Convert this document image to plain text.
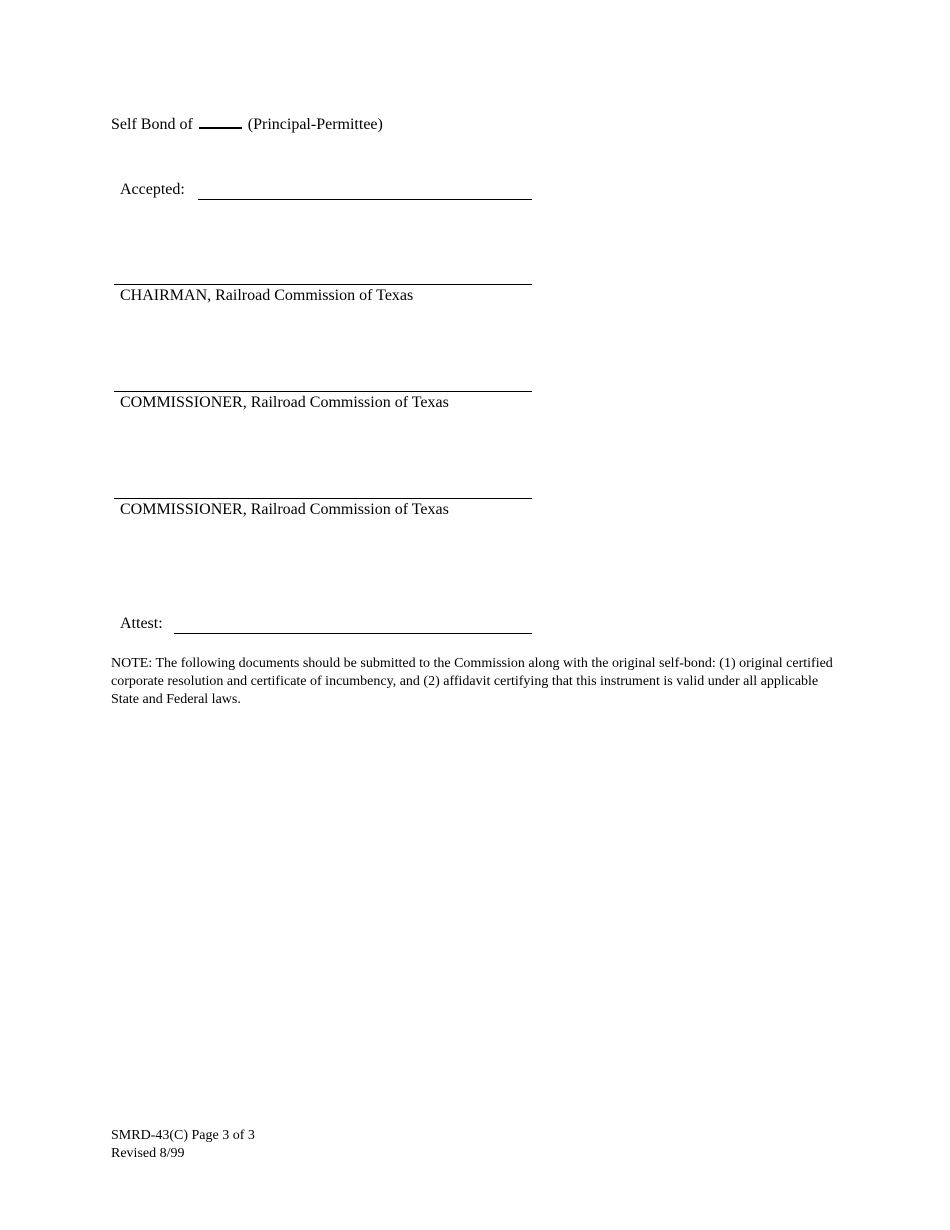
Self Bond of	(Principal-Permittee)
Accepted:
CHAIRMAN, Railroad Commission of Texas
COMMISSIONER, Railroad Commission of Texas
COMMISSIONER, Railroad Commission of Texas
Attest:
NOTE: The following documents should be submitted to the Commission along with the original self-bond: (1) original certified corporate resolution and certificate of incumbency, and (2) affidavit certifying that this instrument is valid under all applicable State and Federal laws.
SMRD-43(C) Page 3 of 3
Revised 8/99
